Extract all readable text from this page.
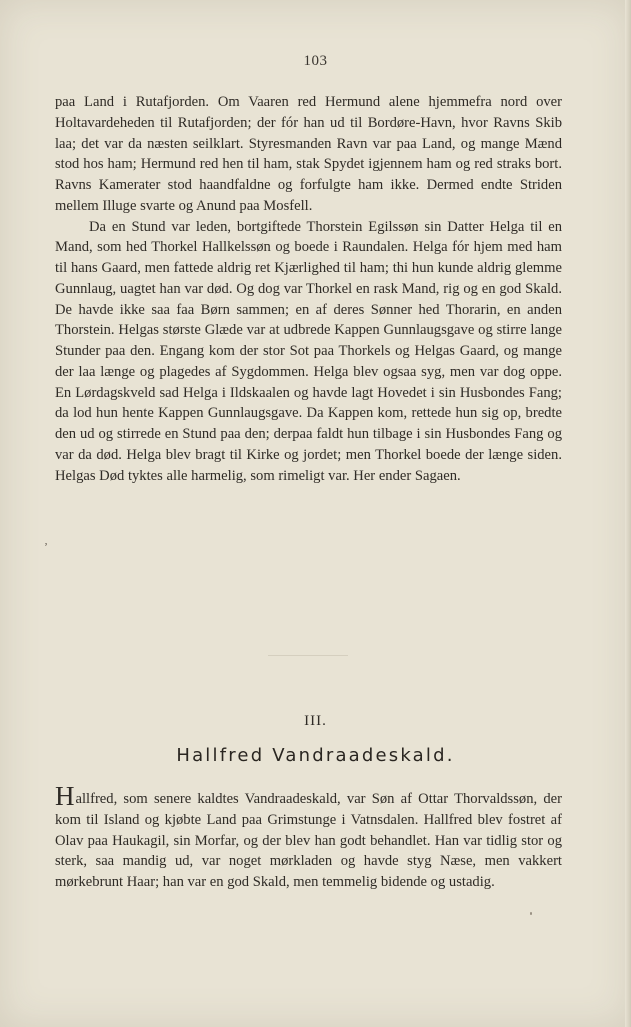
103

paa Land i Rutafjorden. Om Vaaren red Hermund alene hjemmefra nord over Holtavardeheden til Rutafjorden; der fór han ud til Bordøre-Havn, hvor Ravns Skib laa; det var da næsten seilklart. Styresmanden Ravn var paa Land, og mange Mænd stod hos ham; Hermund red hen til ham, stak Spydet igjennem ham og red straks bort. Ravns Kamerater stod haandfaldne og forfulgte ham ikke. Dermed endte Striden mellem Illuge svarte og Anund paa Mosfell.

Da en Stund var leden, bortgiftede Thorstein Egilssøn sin Datter Helga til en Mand, som hed Thorkel Hallkelssøn og boede i Raundalen. Helga fór hjem med ham til hans Gaard, men fattede aldrig ret Kjærlighed til ham; thi hun kunde aldrig glemme Gunnlaug, uagtet han var død. Og dog var Thorkel en rask Mand, rig og en god Skald. De havde ikke saa faa Børn sammen; en af deres Sønner hed Thorarin, en anden Thorstein. Helgas største Glæde var at udbrede Kappen Gunnlaugsgave og stirre lange Stunder paa den. Engang kom der stor Sot paa Thorkels og Helgas Gaard, og mange der laa længe og plagedes af Sygdommen. Helga blev ogsaa syg, men var dog oppe. En Lørdagskveld sad Helga i Ildskaalen og havde lagt Hovedet i sin Husbondes Fang; da lod hun hente Kappen Gunnlaugsgave. Da Kappen kom, rettede hun sig op, bredte den ud og stirrede en Stund paa den; derpaa faldt hun tilbage i sin Husbondes Fang og var da død. Helga blev bragt til Kirke og jordet; men Thorkel boede der længe siden. Helgas Død tyktes alle harmelig, som rimeligt var. Her ender Sagaen.

ʼ
III.
Hallfred Vandraadeskald.

Hallfred, som senere kaldtes Vandraadeskald, var Søn af Ottar Thorvaldssøn, der kom til Island og kjøbte Land paa Grimstunge i Vatnsdalen. Hallfred blev fostret af Olav paa Haukagil, sin Morfar, og der blev han godt behandlet. Han var tidlig stor og sterk, saa mandig ud, var noget mørkladen og havde styg Næse, men vakkert mørkebrunt Haar; han var en god Skald, men temmelig bidende og ustadig.
